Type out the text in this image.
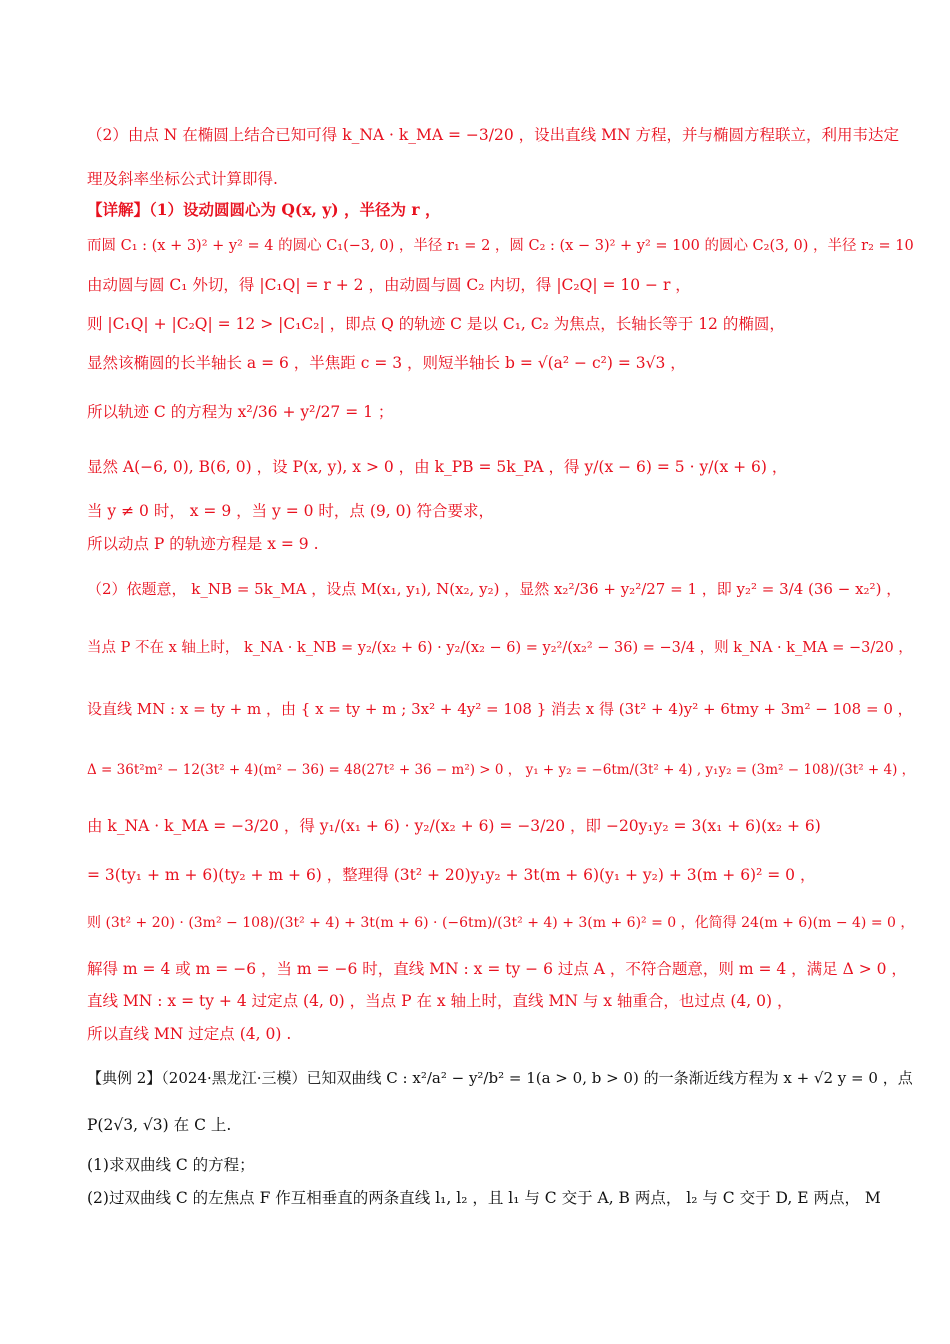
（2）由点 N 在椭圆上结合已知可得 k_NA · k_MA = −3/20 ，设出直线 MN 方程，并与椭圆方程联立，利用韦达定
理及斜率坐标公式计算即得.
【详解】（1）设动圆圆心为 Q(x, y) ，半径为 r ，
而圆 C₁ : (x + 3)² + y² = 4 的圆心 C₁(−3, 0) ，半径 r₁ = 2 ，圆 C₂ : (x − 3)² + y² = 100 的圆心 C₂(3, 0) ，半径 r₂ = 10
由动圆与圆 C₁ 外切，得 |C₁Q| = r + 2 ，由动圆与圆 C₂ 内切，得 |C₂Q| = 10 − r ，
则 |C₁Q| + |C₂Q| = 12 > |C₁C₂| ，即点 Q 的轨迹 C 是以 C₁, C₂ 为焦点，长轴长等于 12 的椭圆，
显然该椭圆的长半轴长 a = 6 ，半焦距 c = 3 ，则短半轴长 b = √(a² − c²) = 3√3 ，
所以轨迹 C 的方程为 x²/36 + y²/27 = 1 ；
显然 A(−6, 0), B(6, 0) ，设 P(x, y), x > 0 ，由 k_PB = 5k_PA ，得 y/(x − 6) = 5 · y/(x + 6) ，
当 y ≠ 0 时， x = 9 ，当 y = 0 时，点 (9, 0) 符合要求，
所以动点 P 的轨迹方程是 x = 9 .
（2）依题意， k_NB = 5k_MA ，设点 M(x₁, y₁), N(x₂, y₂) ，显然 x₂²/36 + y₂²/27 = 1 ，即 y₂² = 3/4 (36 − x₂²) ，
当点 P 不在 x 轴上时， k_NA · k_NB = y₂/(x₂ + 6) · y₂/(x₂ − 6) = y₂²/(x₂² − 36) = −3/4 ，则 k_NA · k_MA = −3/20 ，
设直线 MN : x = ty + m ，由 { x = ty + m ; 3x² + 4y² = 108 } 消去 x 得 (3t² + 4)y² + 6tmy + 3m² − 108 = 0 ，
Δ = 36t²m² − 12(3t² + 4)(m² − 36) = 48(27t² + 36 − m²) > 0 ， y₁ + y₂ = −6tm/(3t² + 4) , y₁y₂ = (3m² − 108)/(3t² + 4) ，
由 k_NA · k_MA = −3/20 ，得 y₁/(x₁ + 6) · y₂/(x₂ + 6) = −3/20 ，即 −20y₁y₂ = 3(x₁ + 6)(x₂ + 6)
= 3(ty₁ + m + 6)(ty₂ + m + 6) ，整理得 (3t² + 20)y₁y₂ + 3t(m + 6)(y₁ + y₂) + 3(m + 6)² = 0 ，
则 (3t² + 20) · (3m² − 108)/(3t² + 4) + 3t(m + 6) · (−6tm)/(3t² + 4) + 3(m + 6)² = 0 ，化简得 24(m + 6)(m − 4) = 0 ，
解得 m = 4 或 m = −6 ，当 m = −6 时，直线 MN : x = ty − 6 过点 A ，不符合题意，则 m = 4 ，满足 Δ > 0 ，
直线 MN : x = ty + 4 过定点 (4, 0) ，当点 P 在 x 轴上时，直线 MN 与 x 轴重合，也过点 (4, 0) ，
所以直线 MN 过定点 (4, 0) .
【典例 2】（2024·黑龙江·三模）已知双曲线 C : x²/a² − y²/b² = 1(a > 0, b > 0) 的一条渐近线方程为 x + √2 y = 0 ，点
P(2√3, √3) 在 C 上.
(1)求双曲线 C 的方程；
(2)过双曲线 C 的左焦点 F 作互相垂直的两条直线 l₁, l₂ ，且 l₁ 与 C 交于 A, B 两点， l₂ 与 C 交于 D, E 两点， M
